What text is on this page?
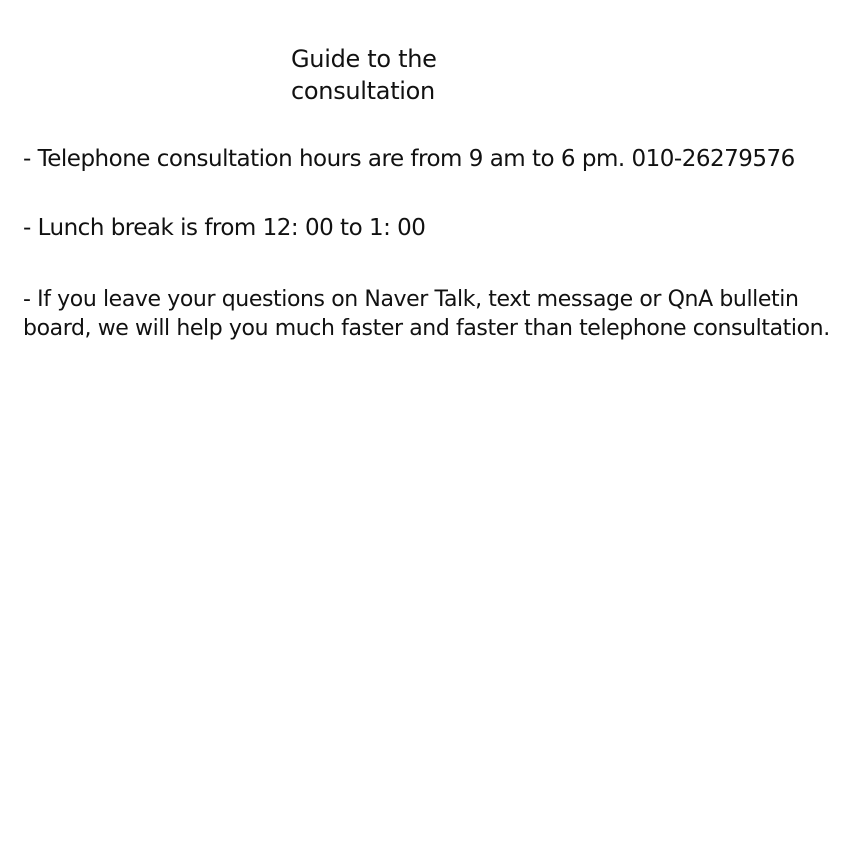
Guide to the
consultation

- Telephone consultation hours are from 9 am to 6 pm. 010-26279576

- Lunch break is from 12: 00 to 1: 00

- If you leave your questions on Naver Talk, text message or QnA bulletin board, we will help you much faster and faster than telephone consultation.
